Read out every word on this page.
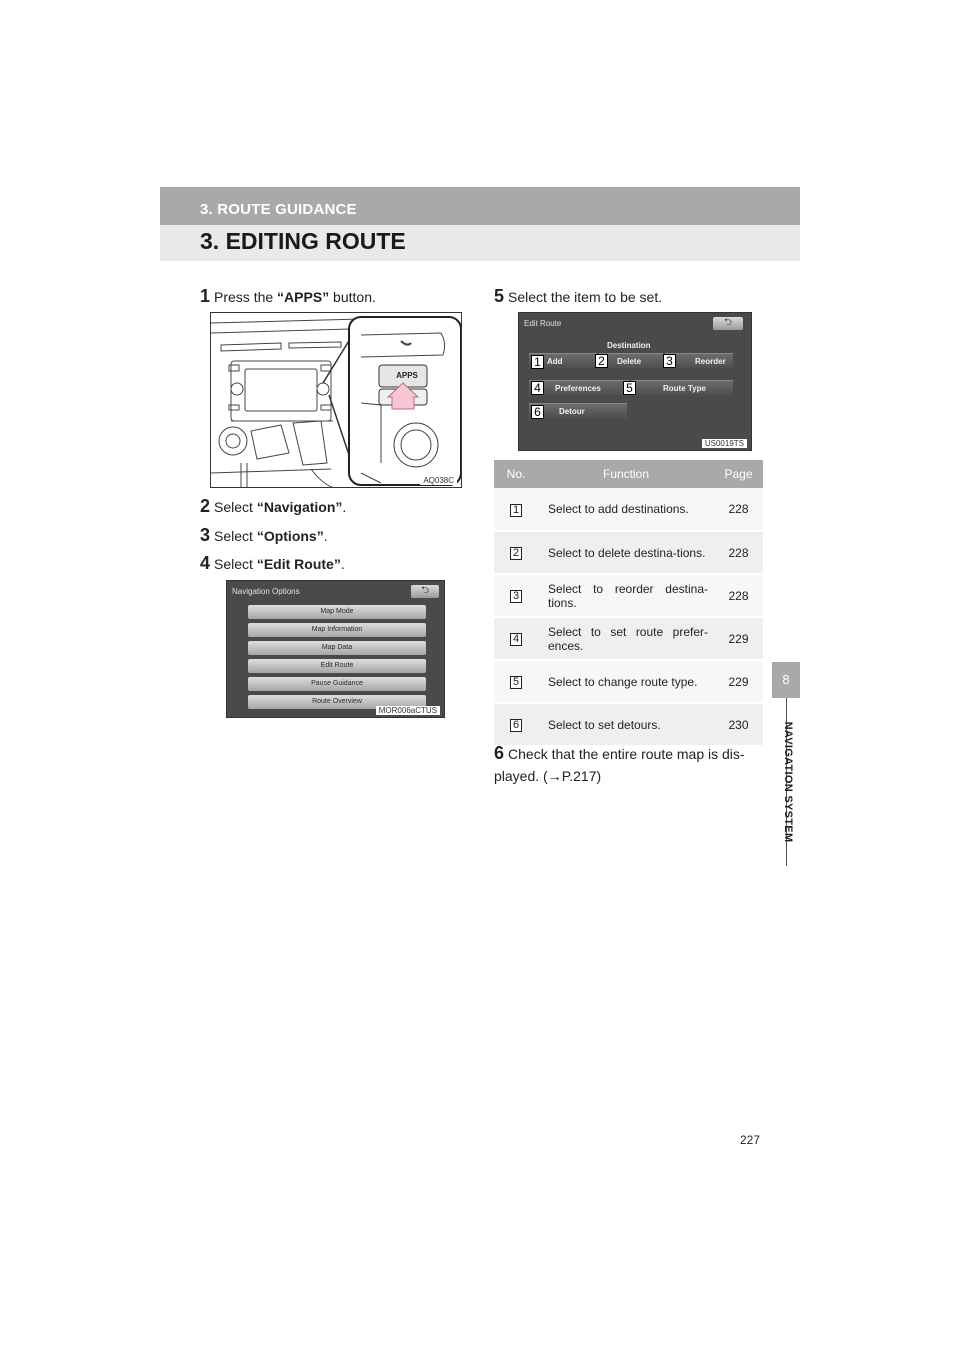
3. ROUTE GUIDANCE
3. EDITING ROUTE
1 Press the “APPS” button.
APPS
AQ038C
2 Select “Navigation”.
3 Select “Options”.
4 Select “Edit Route”.
Navigation Options	⮌
Map Mode
Map Information
Map Data
Edit Route
Pause Guidance
Route Overview
MOR006aCTUS
5 Select the item to be set.
Edit Route	⮌
Destination
Add	Delete	Reorder
Preferences	Route Type
Detour
1	2	3
4	5
6
US0019TS
No.	Function	Page
1	Select to add destinations.	228
2	Select to delete destina-tions.	228
3	Select to reorder destina-tions.	228
4	Select to set route prefer-ences.	229
5	Select to change route type.	229
6	Select to set detours.	230
6 Check that the entire route map is dis-played. (→P.217)
8
NAVIGATION SYSTEM
227
